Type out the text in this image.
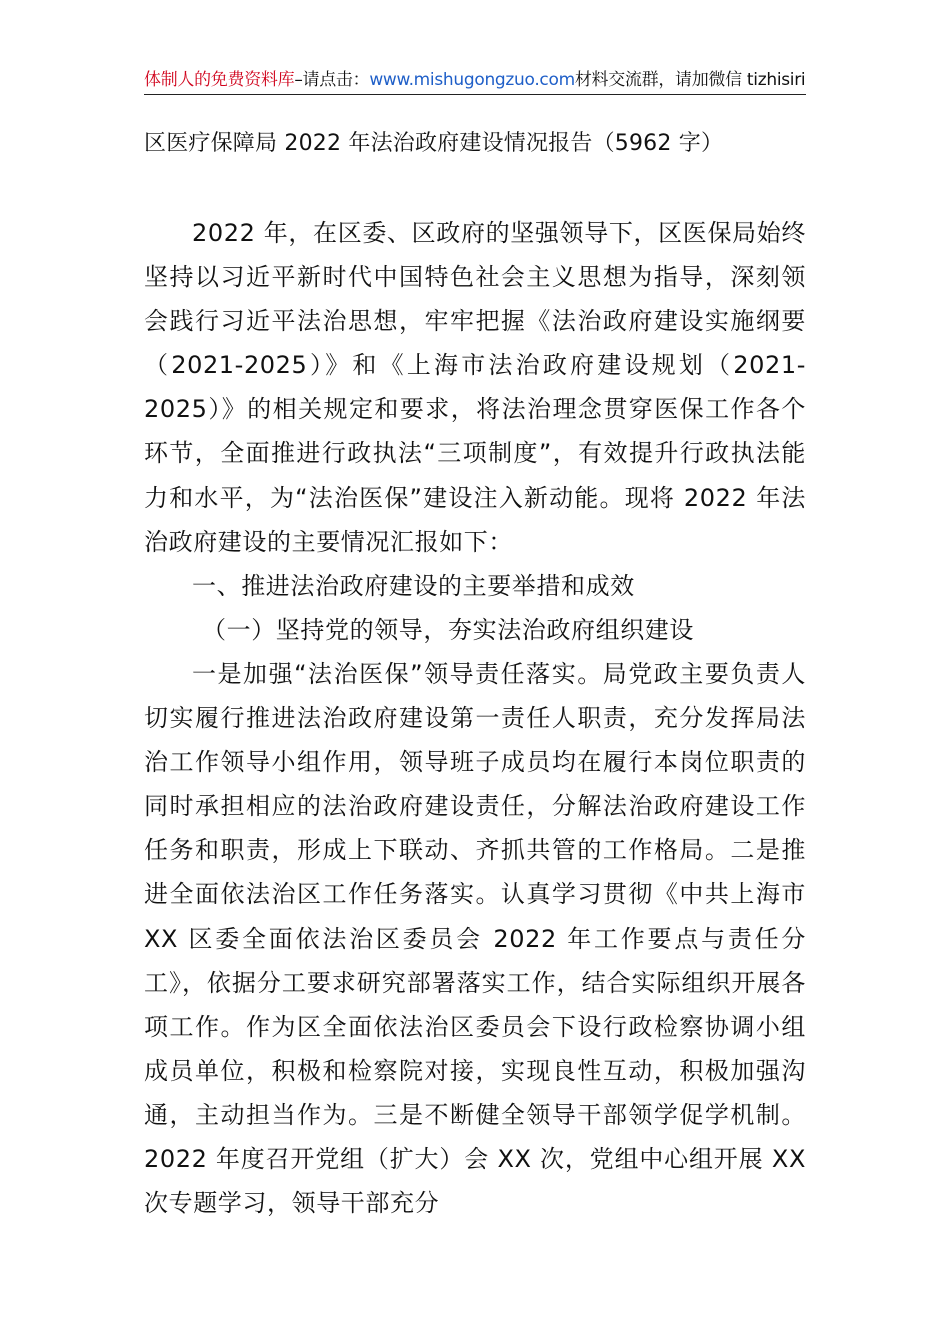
体制人的免费资料库–请点击：www.mishugongzuo.com材料交流群，请加微信 tizhisiri
区医疗保障局 2022 年法治政府建设情况报告（5962 字）

2022 年，在区委、区政府的坚强领导下，区医保局始终坚持以习近平新时代中国特色社会主义思想为指导，深刻领会践行习近平法治思想，牢牢把握《法治政府建设实施纲要（2021-2025）》和《上海市法治政府建设规划（2021-2025）》的相关规定和要求，将法治理念贯穿医保工作各个环节，全面推进行政执法“三项制度”，有效提升行政执法能力和水平，为“法治医保”建设注入新动能。现将 2022 年法治政府建设的主要情况汇报如下：

一、推进法治政府建设的主要举措和成效

（一）坚持党的领导，夯实法治政府组织建设

一是加强“法治医保”领导责任落实。局党政主要负责人切实履行推进法治政府建设第一责任人职责，充分发挥局法治工作领导小组作用，领导班子成员均在履行本岗位职责的同时承担相应的法治政府建设责任，分解法治政府建设工作任务和职责，形成上下联动、齐抓共管的工作格局。二是推进全面依法治区工作任务落实。认真学习贯彻《中共上海市 XX 区委全面依法治区委员会 2022 年工作要点与责任分工》，依据分工要求研究部署落实工作，结合实际组织开展各项工作。作为区全面依法治区委员会下设行政检察协调小组成员单位，积极和检察院对接，实现良性互动，积极加强沟通，主动担当作为。三是不断健全领导干部领学促学机制。2022 年度召开党组（扩大）会 XX 次，党组中心组开展 XX 次专题学习，领导干部充分
